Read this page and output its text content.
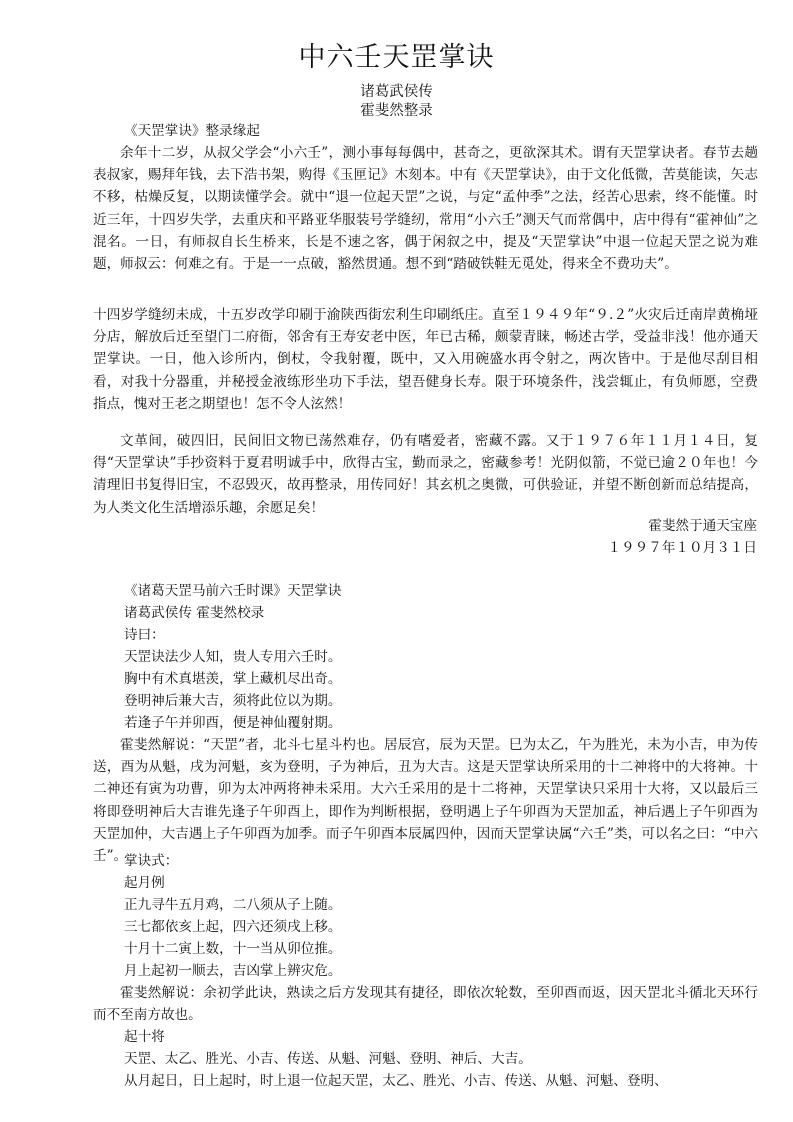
中六壬天罡掌诀
诸葛武侯传
霍斐然整录
《天罡掌诀》整录缘起

余年十二岁，从叔父学会“小六壬”，测小事每每偶中，甚奇之，更欲深其术。谓有天罡掌诀者。春节去趟表叔家，赐拜年钱，去下浩书架，购得《玉匣记》木刻本。中有《天罡掌诀》，由于文化低微，苦莫能读，矢志不移，枯燥反复，以期读懂学会。就中“退一位起天罡”之说，与定“孟仲季”之法，经苦心思索，终不能懂。时近三年，十四岁失学，去重庆和平路亚华服装号学缝纫，常用“小六壬”测天气而常偶中，店中得有“霍神仙”之混名。一日，有师叔自长生桥来，长是不速之客，偶于闲叙之中，提及“天罡掌诀”中退一位起天罡之说为难题，师叔云：何难之有。于是一一点破，豁然贯通。想不到“踏破铁鞋无觅处，得来全不费功夫”。

十四岁学缝纫未成，十五岁改学印刷于渝陕西街宏利生印刷纸庄。直至１９４９年“９.２”火灾后迁南岸黄桷垭分店，解放后迁至望门二府衙，邻舍有王寿安老中医，年已古稀，颇蒙青睐，畅述古学，受益非浅！他亦通天罡掌诀。一日，他入诊所内，倒杖，令我射覆，既中，又入用碗盛水再令射之，两次皆中。于是他尽刮目相看，对我十分器重，并秘授金液练形坐功下手法，望吾健身长寿。限于环境条件，浅尝辄止，有负师愿，空费指点，愧对王老之期望也！怎不令人泫然！

文革间，破四旧，民间旧文物已荡然难存，仍有嗜爱者，密藏不露。又于１９７６年１１月１４日，复得“天罡掌诀”手抄资料于夏君明诚手中，欣得古宝，勤而录之，密藏参考！光阴似箭，不觉已逾２０年也！今清理旧书复得旧宝，不忍毁灭，故再整录，用传同好！其玄机之奥微，可供验证，并望不断创新而总结提高，为人类文化生活增添乐趣，余愿足矣！

霍斐然于通天宝座
１９９７年１０月３１日
《诸葛天罡马前六壬时课》天罡掌诀
诸葛武侯传 霍斐然校录
诗曰：
天罡诀法少人知，贵人专用六壬时。
胸中有术真堪羡，掌上藏机尽出奇。
登明神后兼大吉，须将此位以为期。
若逢子午并卯酉，便是神仙覆射期。

霍斐然解说：“天罡”者，北斗七星斗杓也。居辰宫，辰为天罡。巳为太乙，午为胜光，未为小吉，申为传送，酉为从魁，戌为河魁，亥为登明，子为神后，丑为大吉。这是天罡掌诀所采用的十二神将中的大将神。十二神还有寅为功曹，卯为太冲两将神未采用。大六壬采用的是十二将神，天罡掌诀只采用十大将，又以最后三将即登明神后大吉谁先逢子午卯酉上，即作为判断根据，登明遇上子午卯酉为天罡加孟，神后遇上子午卯酉为天罡加仲，大吉遇上子午卯酉为加季。而子午卯酉本辰属四仲，因而天罡掌诀属“六壬”类，可以名之曰：“中六壬”。

掌诀式：
起月例
正九寻牛五月鸡，二八须从子上随。
三七都依亥上起，四六还须戌上移。
十月十二寅上数，十一当从卯位推。
月上起初一顺去，吉凶掌上辨灾危。

霍斐然解说：余初学此诀，熟读之后方发现其有捷径，即依次轮数，至卯酉而返，因天罡北斗循北天环行而不至南方故也。

起十将
天罡、太乙、胜光、小吉、传送、从魁、河魁、登明、神后、大吉。
从月起日，日上起时，时上退一位起天罡，太乙、胜光、小吉、传送、从魁、河魁、登明、
